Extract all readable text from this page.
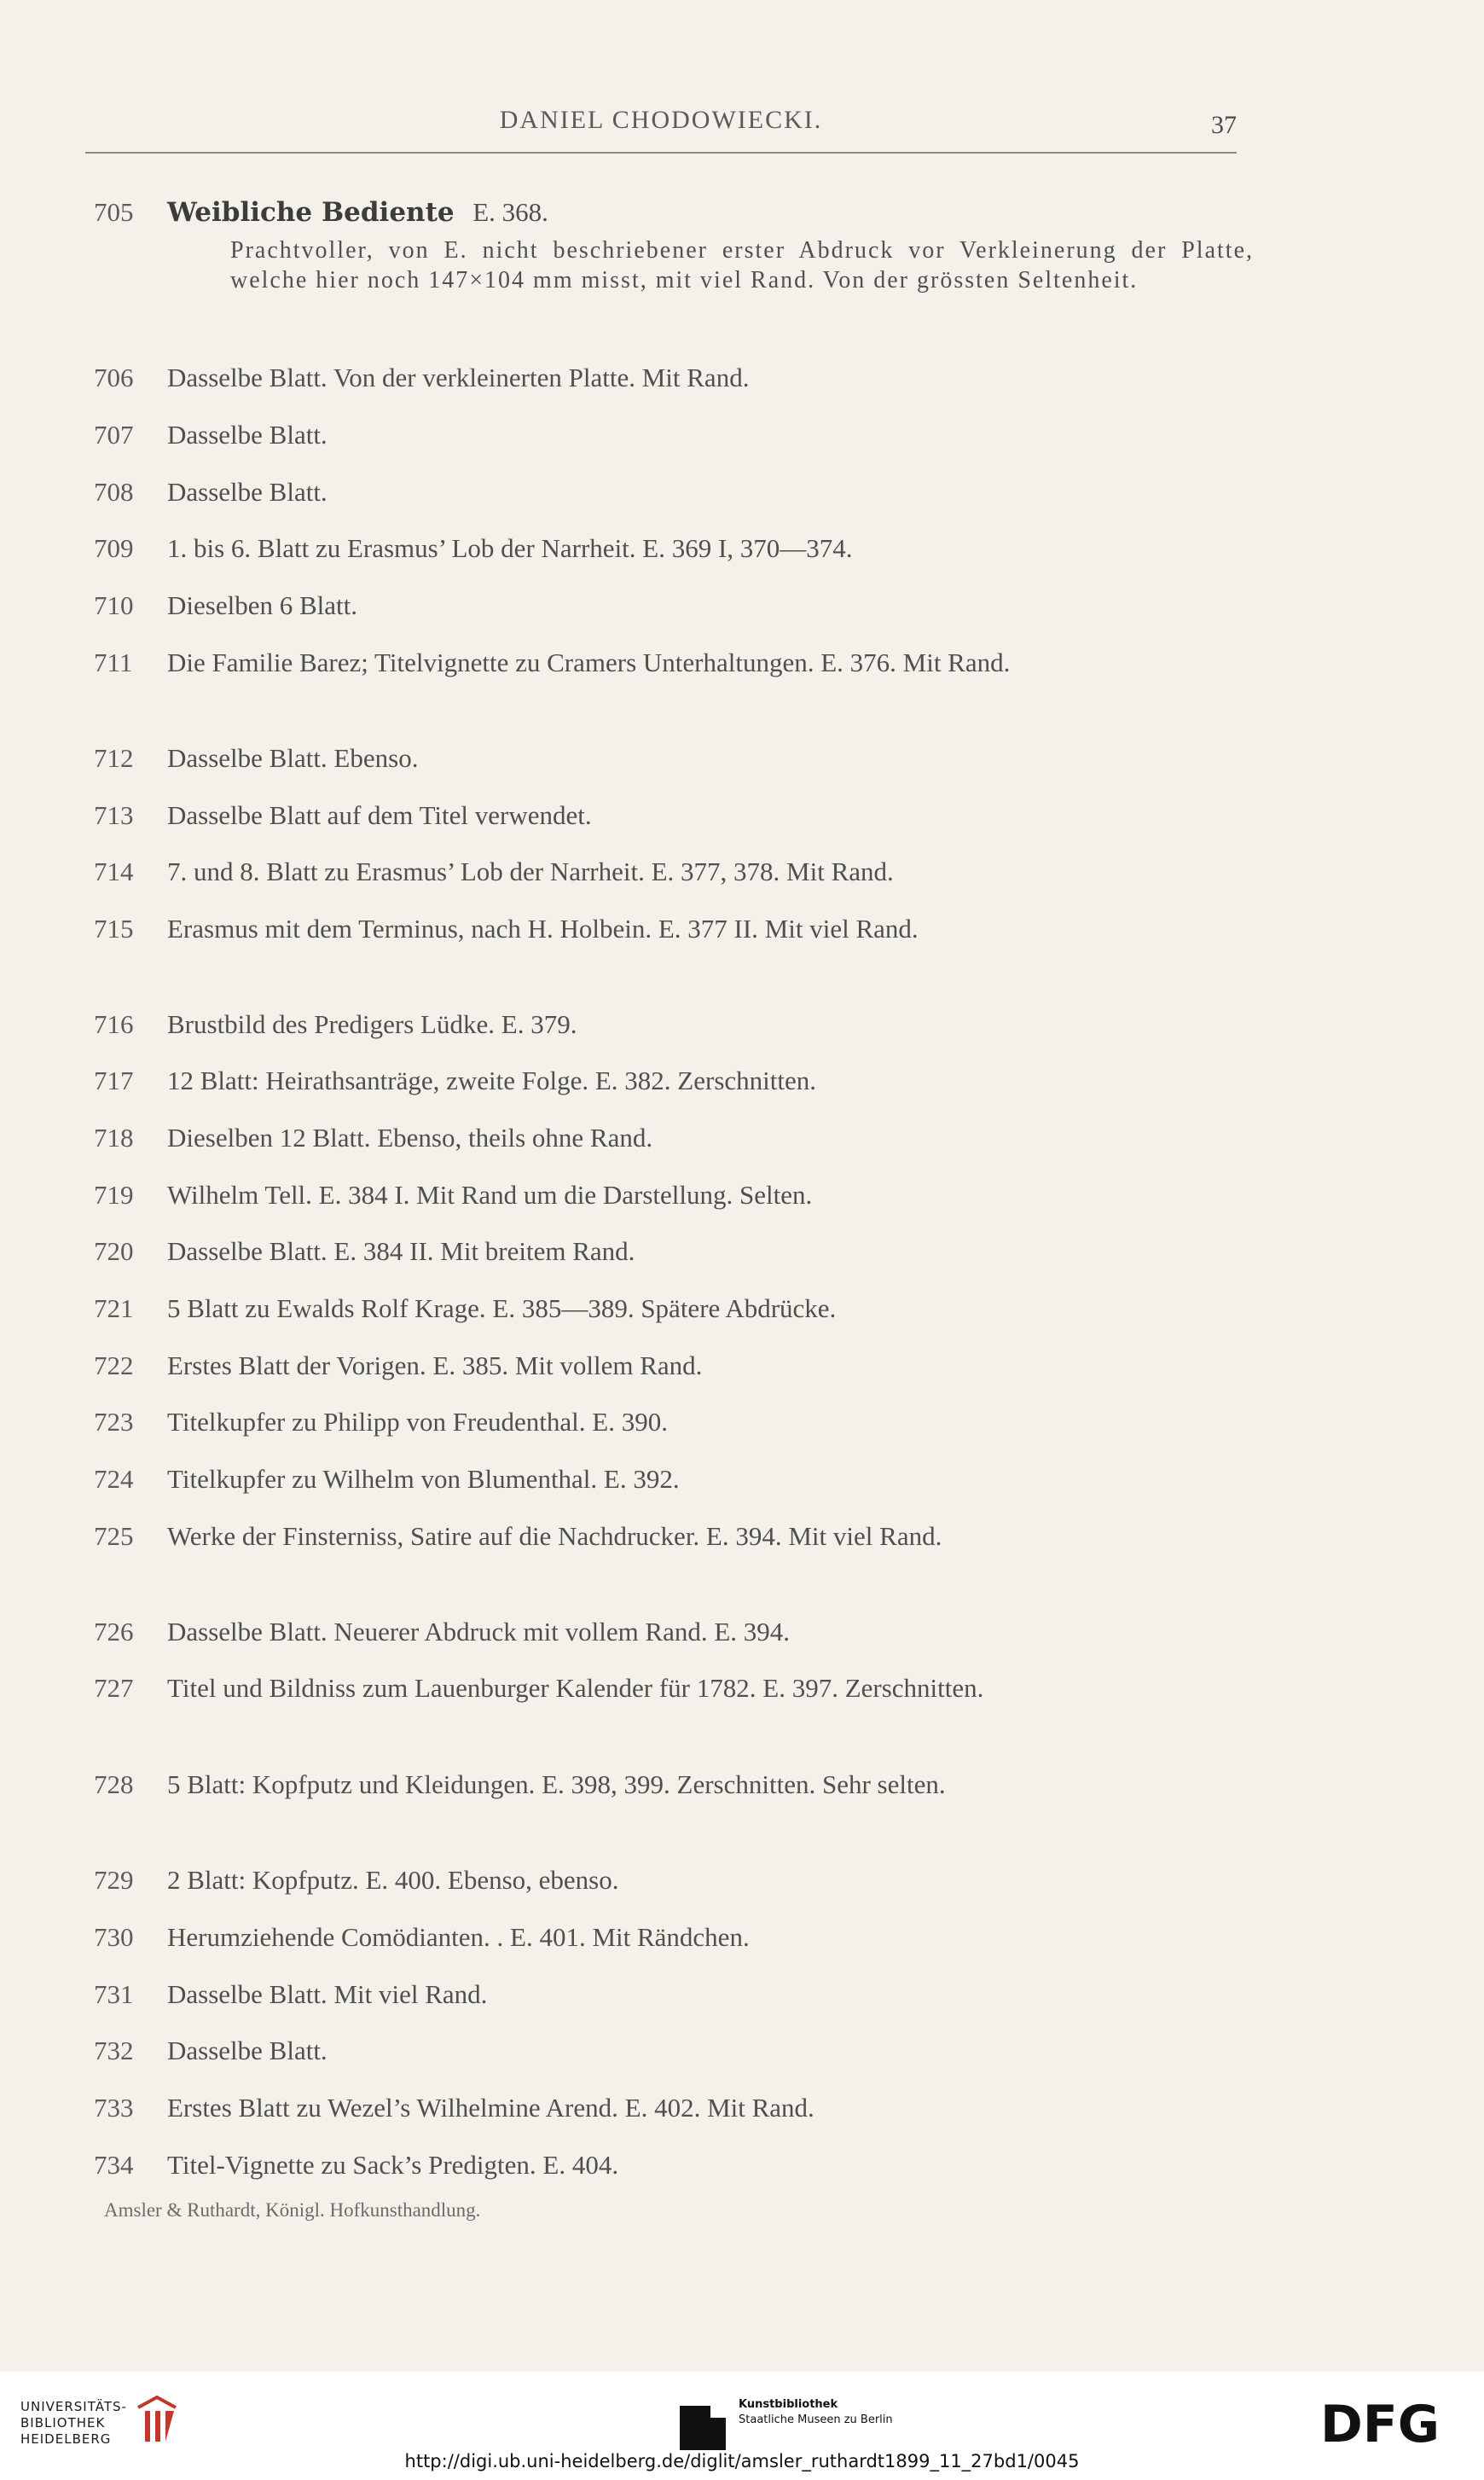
DANIEL CHODOWIECKI.	37
705	Weibliche Bediente E. 368.
Prachtvoller, von E. nicht beschriebener erster Abdruck vor Verkleinerung der Platte, welche hier noch 147×104 mm misst, mit viel Rand. Von der grössten Seltenheit.
706	Dasselbe Blatt. Von der verkleinerten Platte. Mit Rand.
707	Dasselbe Blatt.
708	Dasselbe Blatt.
709	1. bis 6. Blatt zu Erasmus’ Lob der Narrheit. E. 369 I, 370—374.
710	Dieselben 6 Blatt.
711	Die Familie Barez; Titelvignette zu Cramers Unterhaltungen. E. 376. Mit Rand.
712	Dasselbe Blatt. Ebenso.
713	Dasselbe Blatt auf dem Titel verwendet.
714	7. und 8. Blatt zu Erasmus’ Lob der Narrheit. E. 377, 378. Mit Rand.
715	Erasmus mit dem Terminus, nach H. Holbein. E. 377 II. Mit viel Rand.
716	Brustbild des Predigers Lüdke. E. 379.
717	12 Blatt: Heirathsanträge, zweite Folge. E. 382. Zerschnitten.
718	Dieselben 12 Blatt. Ebenso, theils ohne Rand.
719	Wilhelm Tell. E. 384 I. Mit Rand um die Darstellung. Selten.
720	Dasselbe Blatt. E. 384 II. Mit breitem Rand.
721	5 Blatt zu Ewalds Rolf Krage. E. 385—389. Spätere Abdrücke.
722	Erstes Blatt der Vorigen. E. 385. Mit vollem Rand.
723	Titelkupfer zu Philipp von Freudenthal. E. 390.
724	Titelkupfer zu Wilhelm von Blumenthal. E. 392.
725	Werke der Finsterniss, Satire auf die Nachdrucker. E. 394. Mit viel Rand.
726	Dasselbe Blatt. Neuerer Abdruck mit vollem Rand. E. 394.
727	Titel und Bildniss zum Lauenburger Kalender für 1782. E. 397. Zerschnitten.
728	5 Blatt: Kopfputz und Kleidungen. E. 398, 399. Zerschnitten. Sehr selten.
729	2 Blatt: Kopfputz. E. 400. Ebenso, ebenso.
730	Herumziehende Comödianten. . E. 401. Mit Rändchen.
731	Dasselbe Blatt. Mit viel Rand.
732	Dasselbe Blatt.
733	Erstes Blatt zu Wezel’s Wilhelmine Arend. E. 402. Mit Rand.
734	Titel-Vignette zu Sack’s Predigten. E. 404.
Amsler & Ruthardt, Königl. Hofkunsthandlung.
UNIVERSITÄTS-
BIBLIOTHEK
HEIDELBERG
Kunstbibliothek
Staatliche Museen zu Berlin	DFG
http://digi.ub.uni-heidelberg.de/diglit/amsler_ruthardt1899_11_27bd1/0045
